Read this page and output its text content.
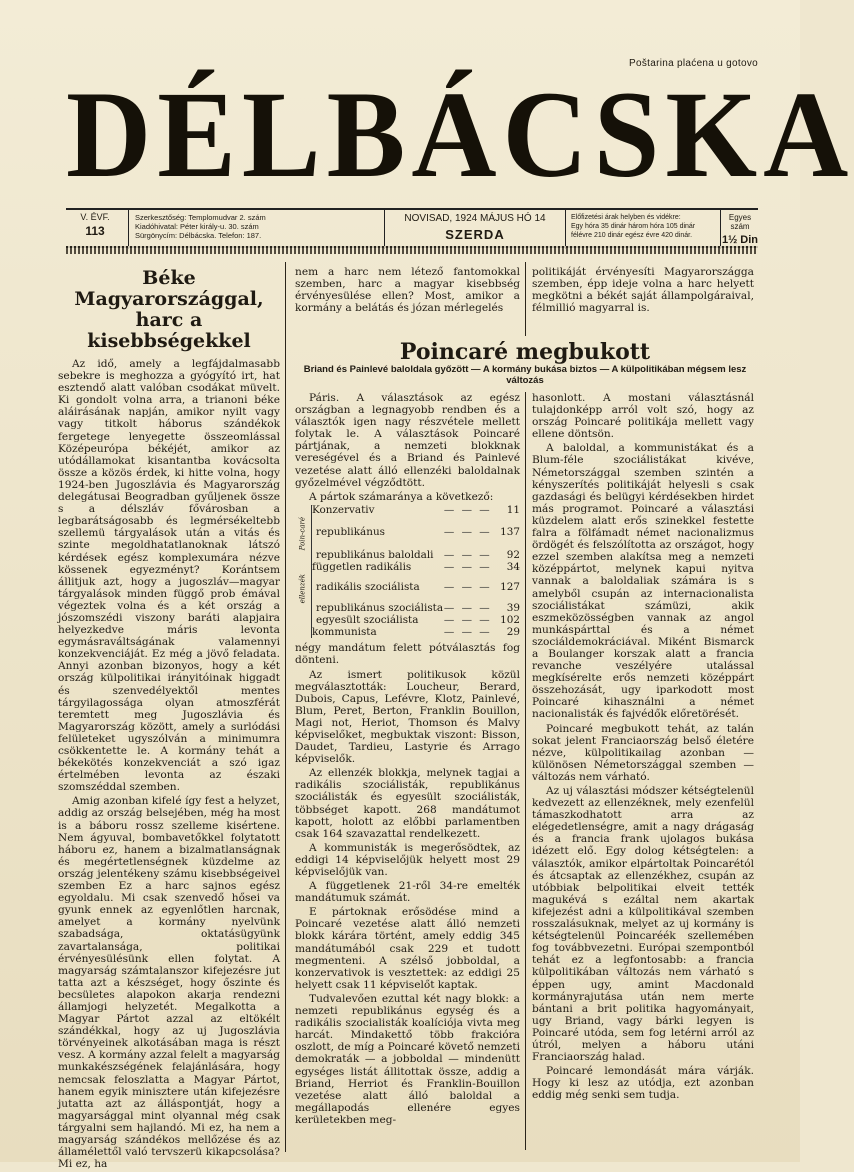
Poštarina plaćena u gotovo
DÉLBÁCSKA
V. ÉVF.
113
Szerkesztőség: Templomudvar 2. szám
Kiadóhivatal: Péter király-u. 30. szám
Sürgönycím: Délbácska. Telefon: 187.
NOVISAD, 1924 MÁJUS HÓ 14
SZERDA
Előfizetési árak helyben és vidékre:
Egy hóra 35 dinár három hóra 105 dinár
félévre 210 dinár egész évre 420 dinár.
Egyes szám
1½ Din
Béke Magyarországgal,
harc a kisebbségekkel

Az idő, amely a legfájdalmasabb sebekre is meghozza a gyógyító irt, hat esztendő alatt valóban csodákat müvelt. Ki gondolt volna arra, a trianoni béke aláirásának napján, amikor nyilt vagy vagy titkolt háborus szándékok fergetege lenyegette összeomlással Középeurópa békéjét, amikor az utódállamokat kisantantba kovácsolta össze a közös érdek, ki hitte volna, hogy 1924-ben Jugoszlávia és Magyarország delegátusai Beogradban gyűljenek össze s a délszláv fővárosban a legbarátságosabb és legmérsékeltebb szellemü tárgyalások után a vitás és szinte megoldhatatlanoknak látszó kérdések egész komplexumára nézve kössenek egyezményt? Korántsem állitjuk azt, hogy a jugoszláv—magyar tárgyalások minden függő prob émával végeztek volna és a két ország a jószomszédi viszony baráti alapjaira helyezkedve máris levonta egymásraváltságának valamennyi konzekvenciáját. Ez még a jövő feladata. Annyi azonban bizonyos, hogy a két ország külpolitikai irányitóinak higgadt és szenvedélyektől mentes tárgyilagossága olyan atmoszférát teremtett meg Jugoszlávia és Magyarország között, amely a surlódási felületeket ugyszólván a minimumra csökkentette le. A kormány tehát a békekötés konzekvenciát a szó igaz értelmében levonta az északi szomszéddal szemben.

Amig azonban kifelé így fest a helyzet, addig az ország belsejében, még ha most is a báboru rossz szelleme kisértene. Nem ágyuval, bombavetőkkel folytatott háboru ez, hanem a bizalmatlanságnak és megértetlenségnek küzdelme az ország jelentékeny számu kisebbségeivel szemben Ez a harc sajnos egész egyoldalu. Mi csak szenvedő hősei va gyunk ennek az egyenlőtlen harcnak, amelyet a kormány nyelvünk szabadsága, oktatásügyünk zavartalansága, politikai érvényesülésünk ellen folytat. A magyarság számtalanszor kifejezésre jut tatta azt a készséget, hogy őszinte és becsületes alapokon akarja rendezni államjogi helyzetét. Megalkotta a Magyar Pártot azzal az eltökélt szándékkal, hogy az uj Jugoszlávia törvényeinek alkotásában maga is részt vesz. A kormány azzal felelt a magyarság munkakészségének felajánlására, hogy nemcsak feloszlatta a Magyar Pártot, hanem egyik minisztere után kifejezésre jutatta azt az álláspontját, hogy a magyarsággal mint olyannal még csak tárgyalni sem hajlandó. Mi ez, ha nem a magyarság szándékos mellőzése és az államélettől való tervszerü kikapcsolása? Mi ez, ha

nem a harc nem létező fantomokkal szemben, harc a magyar kisebbség érvényesülése ellen? Most, amikor a kormány a belátás és józan mérlegelés

politikáját érvényesíti Magyarországga szemben, épp ideje volna a harc helyett megkötni a békét saját állampolgáraival, félmillió magyarral is.

Poincaré megbukott
Briand és Painlevé baloldala győzött — A kormány bukása biztos — A külpolitikában mégsem lesz változás

Páris. A választások az egész országban a legnagyobb rendben és a választók igen nagy részvétele mellett folytak le. A választások Poincaré pártjának, a nemzeti blokknak vereségével és a Briand és Painlevé vezetése alatt álló ellenzéki baloldalnak győzelmével végződtött.

A pártok számaránya a következő:

	Konzervativ	— — —	11
Poin-caré	republikánus	— — —	137
	republikánus baloldali	— — —	92
	független radikális	— — —	34
ellenzék	radikális szociálista	— — —	127
	republikánus szociálista	— — —	39
	egyesült szociálista	— — —	102
	kommunista	— — —	29

négy mandátum felett pótválasztás fog dönteni.

Az ismert politikusok közül megválasztották: Loucheur, Berard, Dubois, Capus, Lefévre, Klotz, Painlevé, Blum, Peret, Berton, Franklin Bouillon, Magi not, Heriot, Thomson és Malvy képviselőket, megbuktak viszont: Bisson, Daudet, Tardieu, Lastyrie és Arrago képviselők.

Az ellenzék blokkja, melynek tagjai a radikális szociálisták, republikánus szociálisták és egyesült szociálisták, többséget kapott. 268 mandátumot kapott, holott az előbbi parlamentben csak 164 szavazattal rendelkezett.

A kommunisták is megerősödtek, az eddigi 14 képviselőjük helyett most 29 képviselőjük van.

A függetlenek 21-ről 34-re emelték mandátumuk számát.

E pártoknak erősödése mind a Poincaré vezetése alatt álló nemzeti blokk kárára történt, amely eddig 345 mandátumából csak 229 et tudott megmenteni. A szélső jobboldal, a konzervativok is vesztettek: az eddigi 25 helyett csak 11 képviselőt kaptak.

Tudvalevően ezuttal két nagy blokk: a nemzeti republikánus egység és a radikális szocialisták koalíciója vivta meg harcát. Mindakettő több frakcióra oszlott, de míg a Poincaré követő nemzeti demokraták — a jobboldal — mindenütt egységes listát állitottak össze, addig a Briand, Herriot és Franklin-Bouillon vezetése alatt álló baloldal a megállapodás ellenére egyes kerületekben meg-

hasonlott. A mostani választásnál tulajdonképp arról volt szó, hogy az ország Poincaré politikája mellett vagy ellene döntsön.

A baloldal, a kommunistákat és a Blum-féle szociálistákat kivéve, Németországgal szemben szintén a kényszerítés politikáját helyesli s csak gazdasági és belügyi kérdésekben hirdet más programot. Poincaré a választási küzdelem alatt erős szinekkel festette falra a fölfámadt német nacionalizmus ördögét és felszólította az országot, hogy ezzel szemben alakítsa meg a nemzeti középpártot, melynek kapui nyitva vannak a baloldaliak számára is s amelyből csupán az internacionalista szociálistákat számüzi, akik eszmeközösségben vannak az angol munkáspárttal és a német szociáldemokráciával. Miként Bismarck a Boulanger korszak alatt a francia revanche veszélyére utalással megkísérelte erős nemzeti középpárt összehozását, ugy iparkodott most Poincaré kihasználni a német nacionalisták és fajvédők előretörését.

Poincaré megbukott tehát, az talán sokat jelent Franciaország belső életére nézve, külpolitikailag azonban — különösen Németországgal szemben — változás nem várható.

Az uj választási módszer kétségtelenül kedvezett az ellenzéknek, mely ezenfelül támaszkodhatott arra az elégedetlenségre, amit a nagy drágaság és a francia frank ujolagos bukása idézett elő. Egy dolog kétségtelen: a választók, amikor elpártoltak Poincarétól és átcsaptak az ellenzékhez, csupán az utóbbiak belpolitikai elveit tették magukévá s ezáltal nem akartak kifejezést adni a külpolitikával szemben rosszalásuknak, melyet az uj kormány is kétségtelenül Poincaréék szellemében fog továbbvezetni. Európai szempontból tehát ez a legfontosabb: a francia külpolitikában változás nem várható s éppen ugy, amint Macdonald kormányrajutása után nem merte bántani a brit politika hagyományait, ugy Briand, vagy bárki legyen is Poincaré utóda, sem fog letérni arról az útról, melyen a háboru utáni Franciaország halad.

Poincaré lemondását mára várják. Hogy ki lesz az utódja, ezt azonban eddig még senki sem tudja.
